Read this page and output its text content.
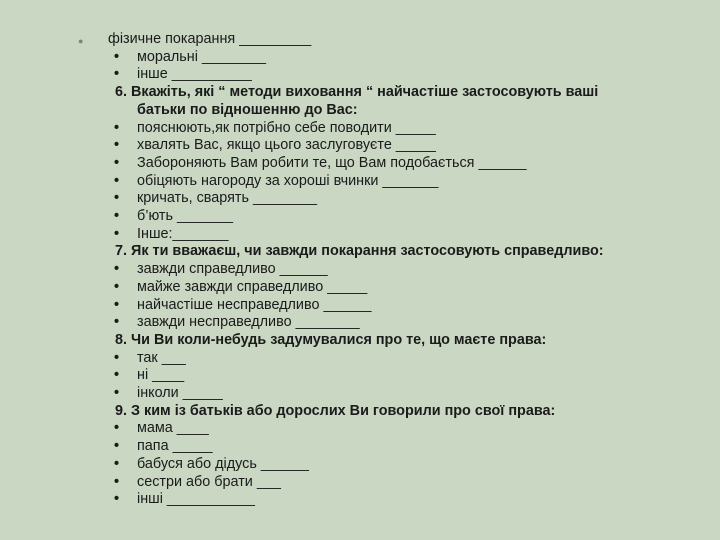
● фізичне покарання _________
• моральні ________
• інше __________
6. Вкажіть, які “ методи виховання “ найчастіше застосовують ваші
батьки по відношенню до Вас:
• пояснюють,як потрібно себе поводити _____
• хвалять Вас, якщо цього заслуговуєте _____
• Забороняють Вам робити те, що Вам подобається ______
• обіцяють нагороду за хороші вчинки _______
• кричать, сварять ________
• б’ють _______
• Інше:_______
7. Як ти вважаєш, чи завжди покарання застосовують справедливо:
• завжди справедливо ______
• майже завжди справедливо _____
• найчастіше несправедливо ______
• завжди несправедливо ________
8. Чи Ви коли-небудь задумувалися про те, що маєте права:
• так ___
• ні ____
• інколи _____
9. З ким із батьків або дорослих Ви говорили про свої права:
• мама ____
• папа _____
• бабуся або дідусь ______
• сестри або брати ___
• інші ___________
